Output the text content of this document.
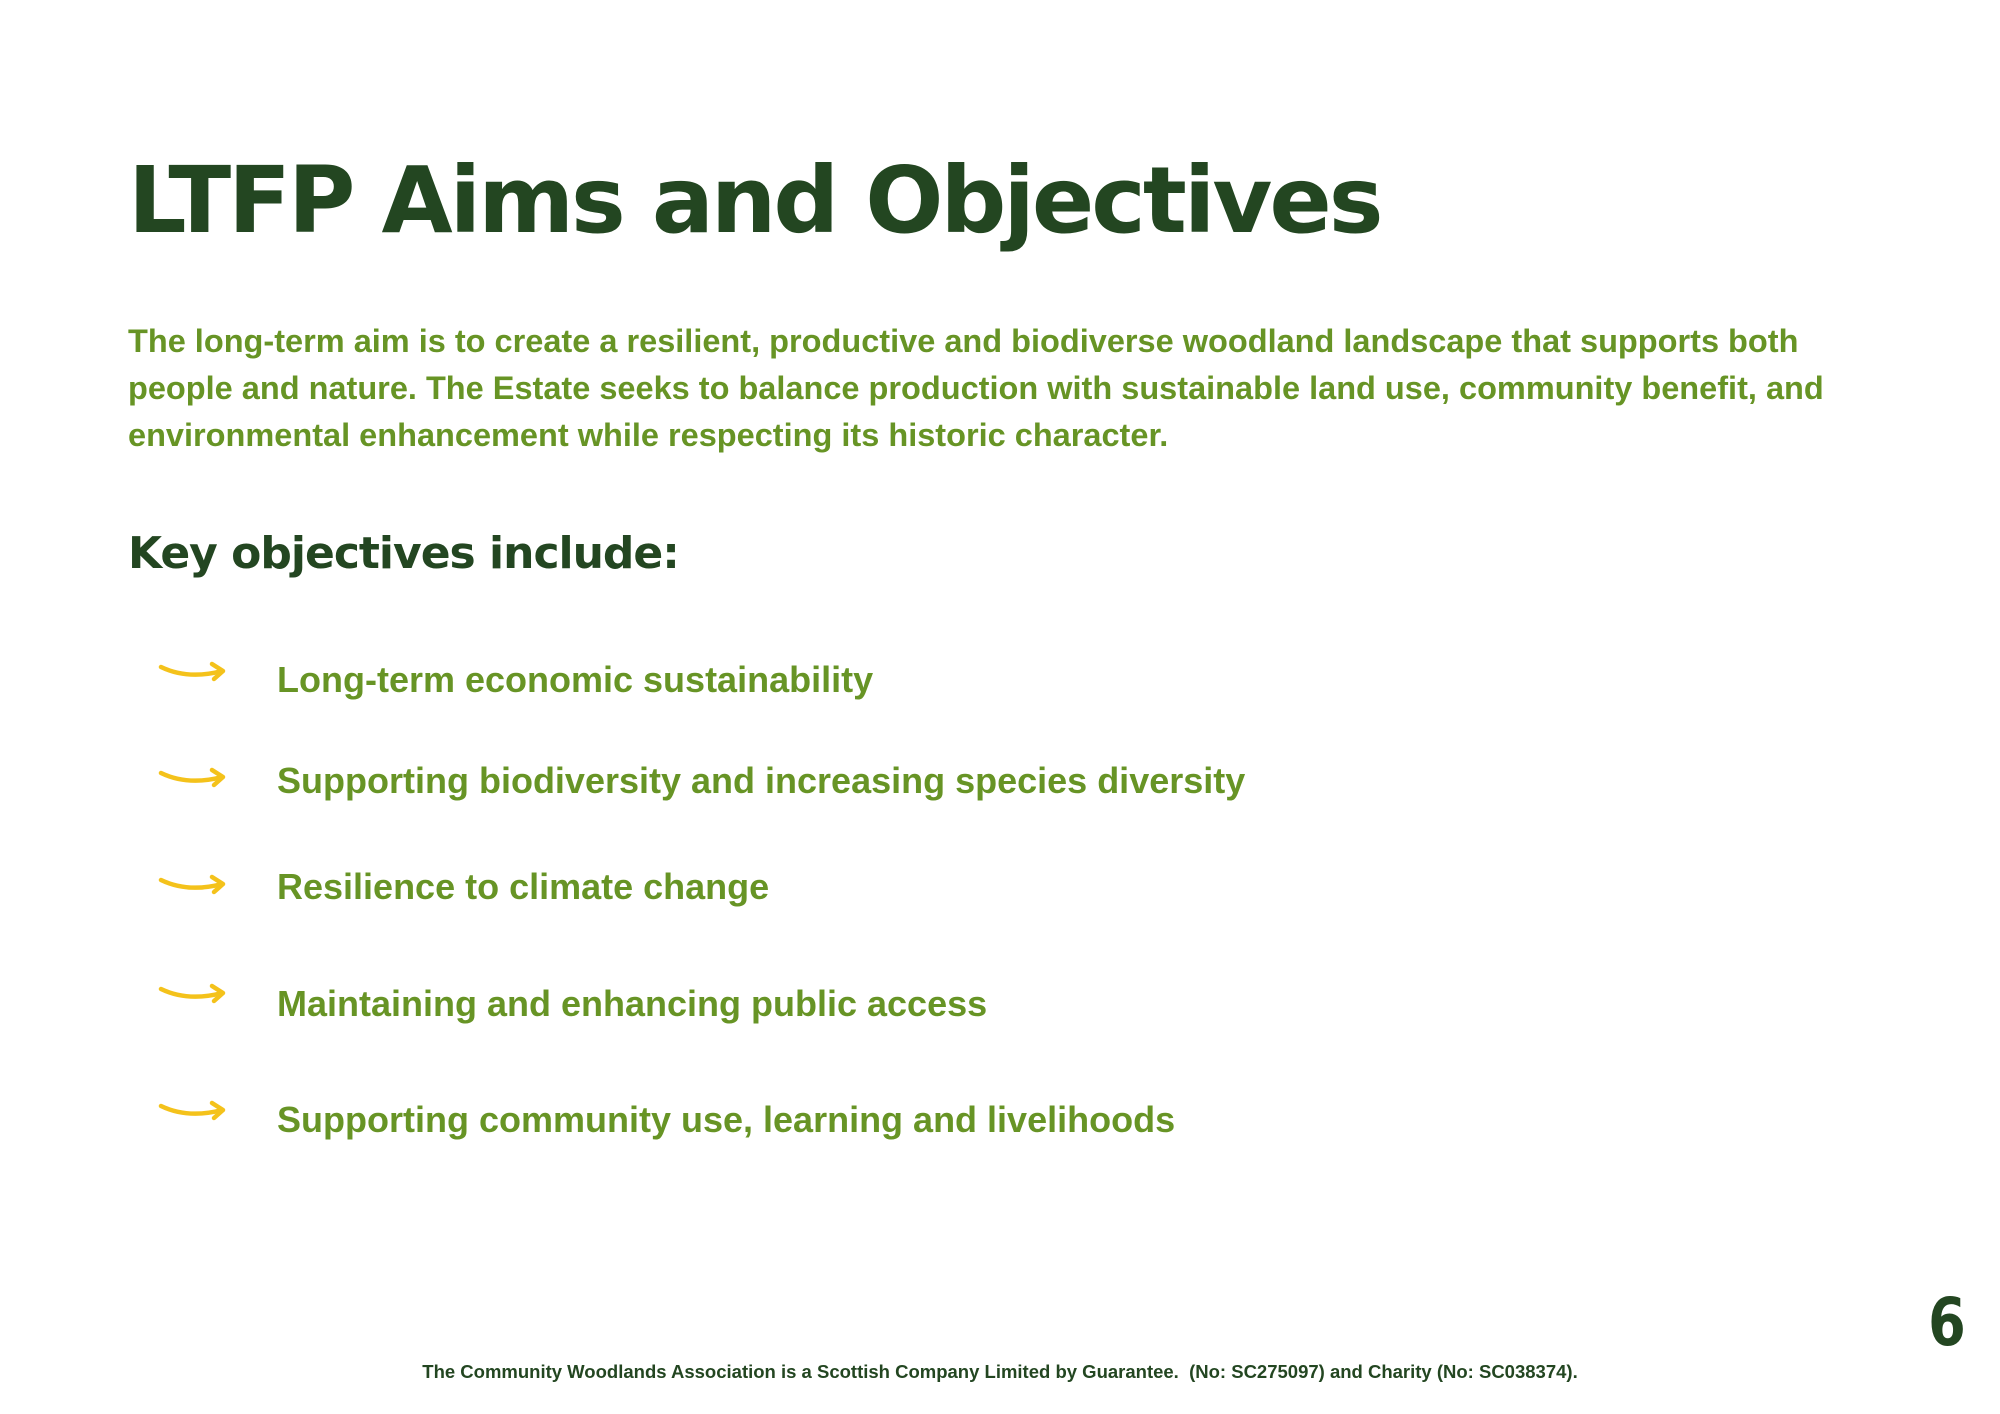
LTFP Aims and Objectives

The long-term aim is to create a resilient, productive and biodiverse woodland landscape that supports both people and nature. The Estate seeks to balance production with sustainable land use, community benefit, and environmental enhancement while respecting its historic character.

Key objectives include:
Long-term economic sustainability
Supporting biodiversity and increasing species diversity
Resilience to climate change
Maintaining and enhancing public access
Supporting community use, learning and livelihoods
6
The Community Woodlands Association is a Scottish Company Limited by Guarantee.  (No: SC275097) and Charity (No: SC038374).
